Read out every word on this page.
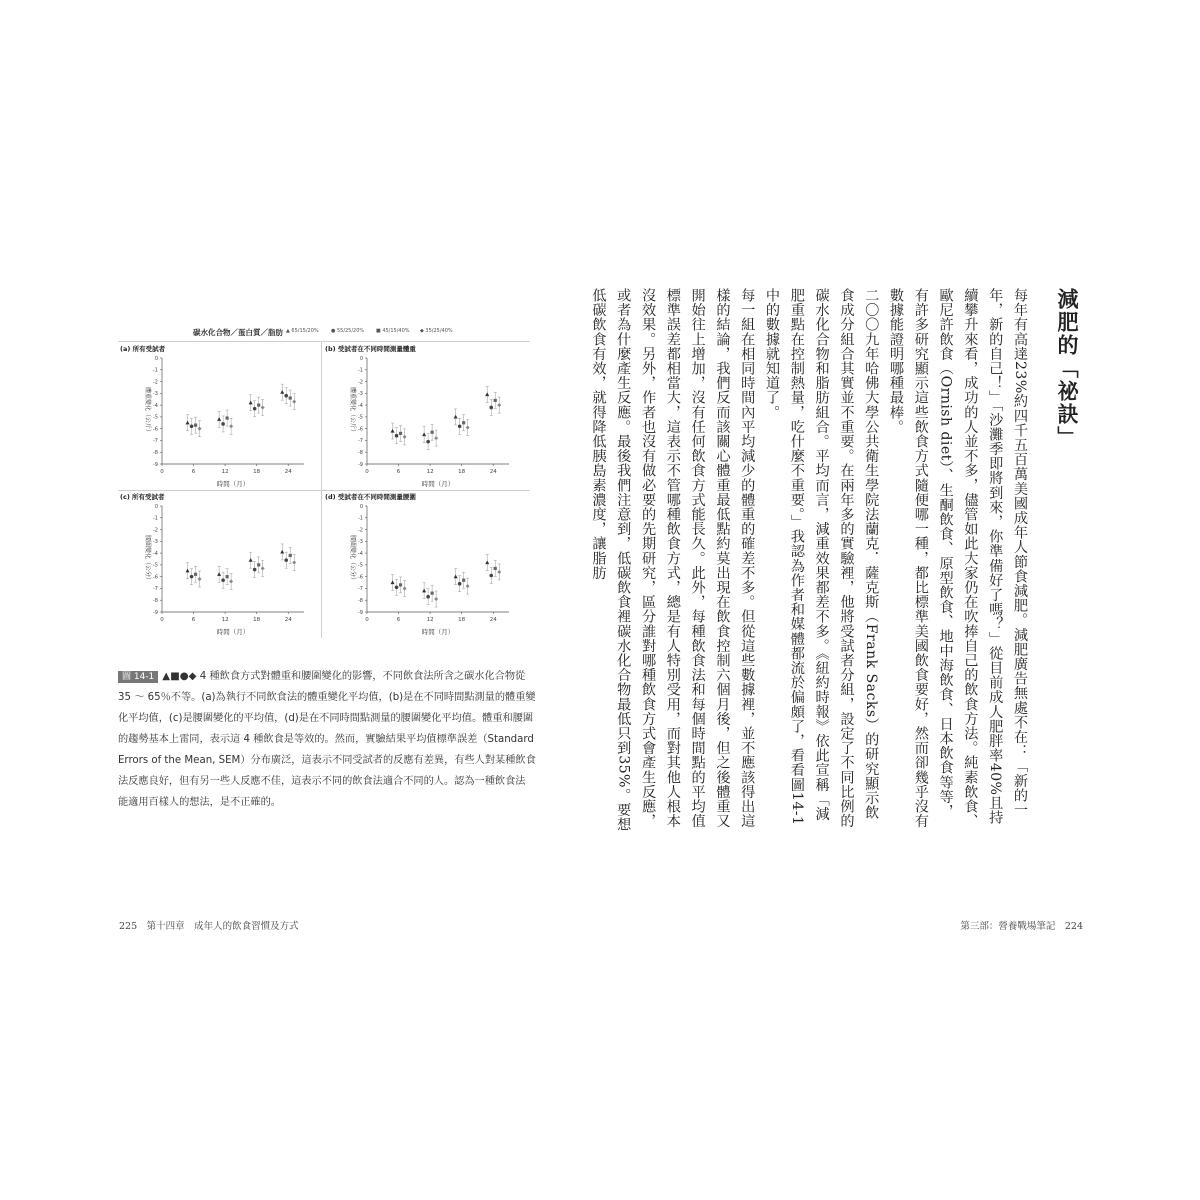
碳水化合物／蛋白質／脂肪 ▲ 65/15/20% ● 55/25/20% ■ 45/15/40% ◆ 35/25/40%
0
-1
-2
-3
-4
-5
-6
-7
-8
-9
0	6	12	18	24
時間（月）
體重變化（公斤）
(a) 所有受試者
0
-1
-2
-3
-4
-5
-6
-7
-8
-9
0	6	12	18	24
時間（月）
體重變化（公斤）
(b) 受試者在不同時間測量體重
0
-1
-2
-3
-4
-5
-6
-7
-8
-9
0	6	12	18	24
時間（月）
腰圍變化（公分）
(c) 所有受試者
0
-1
-2
-3
-4
-5
-6
-7
-8
-9
0	6	12	18	24
時間（月）
腰圍變化（公分）
(d) 受試者在不同時間測量腰圍
圖 14-1 ▲■●◆ 4 種飲食方式對體重和腰圍變化的影響，不同飲食法所含之碳水化合物從
35 ～ 65％不等。(a)為執行不同飲食法的體重變化平均值，(b)是在不同時間點測量的體重變
化平均值，(c)是腰圍變化的平均值，(d)是在不同時間點測量的腰圍變化平均值。體重和腰圍
的趨勢基本上雷同，表示這 4 種飲食是等效的。然而，實驗結果平均值標準誤差（Standard
Errors of the Mean, SEM）分布廣泛，這表示不同受試者的反應有差異，有些人對某種飲食
法反應良好，但有另一些人反應不佳，這表示不同的飲食法適合不同的人。認為一種飲食法
能適用百樣人的想法，是不正確的。
225　第十四章　成年人的飲食習慣及方式
減肥的「祕訣」

每年有高達23%約四千五百萬美國成年人節食減肥。減肥廣告無處不在：「新的一年，新的自己！」「沙灘季即將到來，你準備好了嗎？」從目前成人肥胖率40%且持續攀升來看，成功的人並不多，儘管如此大家仍在吹捧自己的飲食方法。純素飲食、歐尼許飲食（Ornish diet）、生酮飲食、原型飲食、地中海飲食、日本飲食等等，有許多研究顯示這些飲食方式隨便哪一種，都比標準美國飲食要好，然而卻幾乎沒有數據能證明哪種最棒。

二〇〇九年哈佛大學公共衛生學院法蘭克．薩克斯（Frank Sacks）的研究顯示飲食成分組合其實並不重要。在兩年多的實驗裡，他將受試者分組，設定了不同比例的碳水化合物和脂肪組合。平均而言，減重效果都差不多。《紐約時報》依此宣稱「減肥重點在控制熱量，吃什麼不重要。」我認為作者和媒體都流於偏頗了，看看圖14-1中的數據就知道了。

每一組在相同時間內平均減少的體重的確差不多。但從這些數據裡，並不應該得出這樣的結論，我們反而該關心體重最低點約莫出現在飲食控制六個月後，但之後體重又開始往上增加，沒有任何飲食方式能長久。此外，每種飲食法和每個時間點的平均值標準誤差都相當大，這表示不管哪種飲食方式，總是有人特別受用，而對其他人根本沒效果。另外，作者也沒有做必要的先期研究，區分誰對哪種飲食方式會產生反應，或者為什麼產生反應。最後我們注意到，低碳飲食裡碳水化合物最低只到35%。要想低碳飲食有效，就得降低胰島素濃度，讓脂肪

第三部：營養戰場筆記　224
